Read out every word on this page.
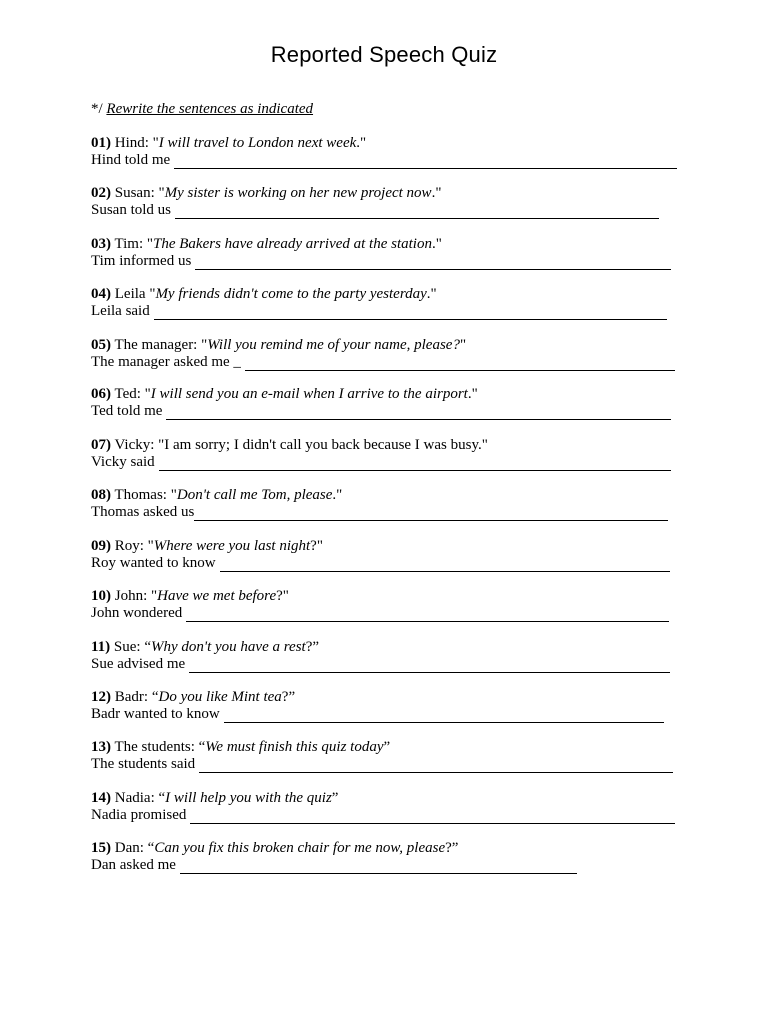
Reported Speech Quiz
*/ Rewrite the sentences as indicated
01) Hind: "I will travel to London next week."
Hind told me
02) Susan: "My sister is working on her new project now."
Susan told us
03) Tim: "The Bakers have already arrived at the station."
Tim informed us
04) Leila "My friends didn't come to the party yesterday."
Leila said
05) The manager: "Will you remind me of your name, please?"
The manager asked me _
06) Ted: "I will send you an e-mail when I arrive to the airport."
Ted told me
07) Vicky: "I am sorry; I didn't call you back because I was busy."
Vicky said
08) Thomas: "Don't call me Tom, please."
Thomas asked us
09) Roy: "Where were you last night?"
Roy wanted to know
10) John: "Have we met before?"
John wondered
11) Sue: “Why don't you have a rest?”
Sue advised me
12) Badr: “Do you like Mint tea?”
Badr wanted to know
13) The students: “We must finish this quiz today”
The students said
14) Nadia: “I will help you with the quiz”
Nadia promised
15) Dan: “Can you fix this broken chair for me now, please?”
Dan asked me
